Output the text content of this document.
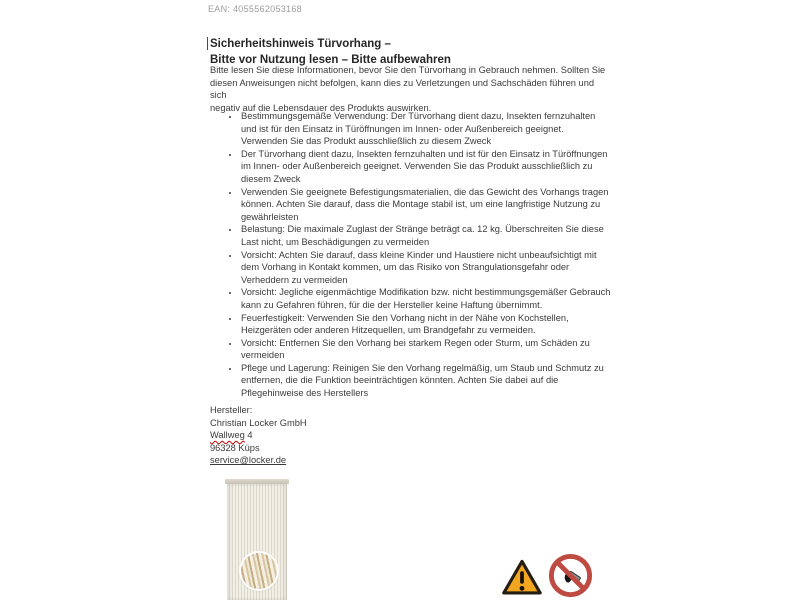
EAN: 4055562053168
Sicherheitshinweis Türvorhang –
Bitte vor Nutzung lesen – Bitte aufbewahren
Bitte lesen Sie diese Informationen, bevor Sie den Türvorhang in Gebrauch nehmen. Sollten Sie
diesen Anweisungen nicht befolgen, kann dies zu Verletzungen und Sachschäden führen und sich
negativ auf die Lebensdauer des Produkts auswirken.
• Bestimmungsgemäße Verwendung: Der Türvorhang dient dazu, Insekten fernzuhalten und ist für den Einsatz in Türöffnungen im Innen- oder Außenbereich geeignet. Verwenden Sie das Produkt ausschließlich zu diesem Zweck
• Der Türvorhang dient dazu, Insekten fernzuhalten und ist für den Einsatz in Türöffnungen im Innen- oder Außenbereich geeignet. Verwenden Sie das Produkt ausschließlich zu diesem Zweck
• Verwenden Sie geeignete Befestigungsmaterialien, die das Gewicht des Vorhangs tragen können. Achten Sie darauf, dass die Montage stabil ist, um eine langfristige Nutzung zu gewährleisten
• Belastung: Die maximale Zuglast der Stränge beträgt ca. 12 kg. Überschreiten Sie diese Last nicht, um Beschädigungen zu vermeiden
• Vorsicht: Achten Sie darauf, dass kleine Kinder und Haustiere nicht unbeaufsichtigt mit dem Vorhang in Kontakt kommen, um das Risiko von Strangulationsgefahr oder Verheddern zu vermeiden
• Vorsicht: Jegliche eigenmächtige Modifikation bzw. nicht bestimmungsgemäßer Gebrauch kann zu Gefahren führen, für die der Hersteller keine Haftung übernimmt.
• Feuerfestigkeit: Verwenden Sie den Vorhang nicht in der Nähe von Kochstellen, Heizgeräten oder anderen Hitzequellen, um Brandgefahr zu vermeiden.
• Vorsicht: Entfernen Sie den Vorhang bei starkem Regen oder Sturm, um Schäden zu vermeiden
• Pflege und Lagerung: Reinigen Sie den Vorhang regelmäßig, um Staub und Schmutz zu entfernen, die die Funktion beeinträchtigen könnten. Achten Sie dabei auf die Pflegehinweise des Herstellers
Hersteller:
Christian Locker GmbH
Wallweg 4
96328 Küps
service@locker.de
